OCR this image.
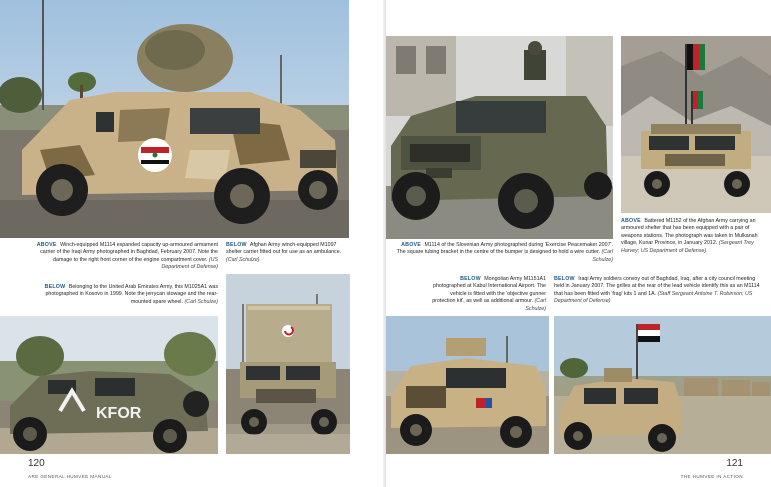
ABOVE Winch-equipped M1114 expanded capacity up-armoured armament carrier of the Iraqi Army photographed in Baghdad, February 2007. Note the damage to the right front corner of the engine compartment cover. (US Department of Defense)
BELOW Afghan Army winch-equipped M1097 shelter carrier fitted out for use as an ambulance. (Carl Schulze)
BELOW Belonging to the United Arab Emirates Army, this M1025A1 was photographed in Kosovo in 1999. Note the jerrycan stowage and the rear-mounted spare wheel. (Carl Schulze)
KFOR
120
ARE GENERAL HUMVEE MANUAL
ABOVE M1114 of the Slovenian Army photographed during 'Exercise Peacemaker 2007'. The square tubing bracket in the centre of the bumper is designed to hold a wire cutter. (Carl Schulze)
ABOVE Battered M1152 of the Afghan Army carrying an armoured shelter that has been equipped with a pair of weapons stations. The photograph was taken in Mulkanah village, Kunar Province, in January 2012. (Sergeant Trey Harvey; US Department of Defense)
BELOW Mongolian Army M1151A1 photographed at Kabul International Airport. The vehicle is fitted with the 'objective gunner protection kit', as well as additional armour. (Carl Schulze)
BELOW Iraqi Army soldiers convoy out of Baghdad, Iraq, after a city council meeting held in January 2007. The grilles at the rear of the lead vehicle identify this as an M1114 that has been fitted with 'frag' kits 1 and 1A. (Staff Sergeant Antoine T. Robinson; US Department of Defense)
121
THE HUMVEE IN ACTION
